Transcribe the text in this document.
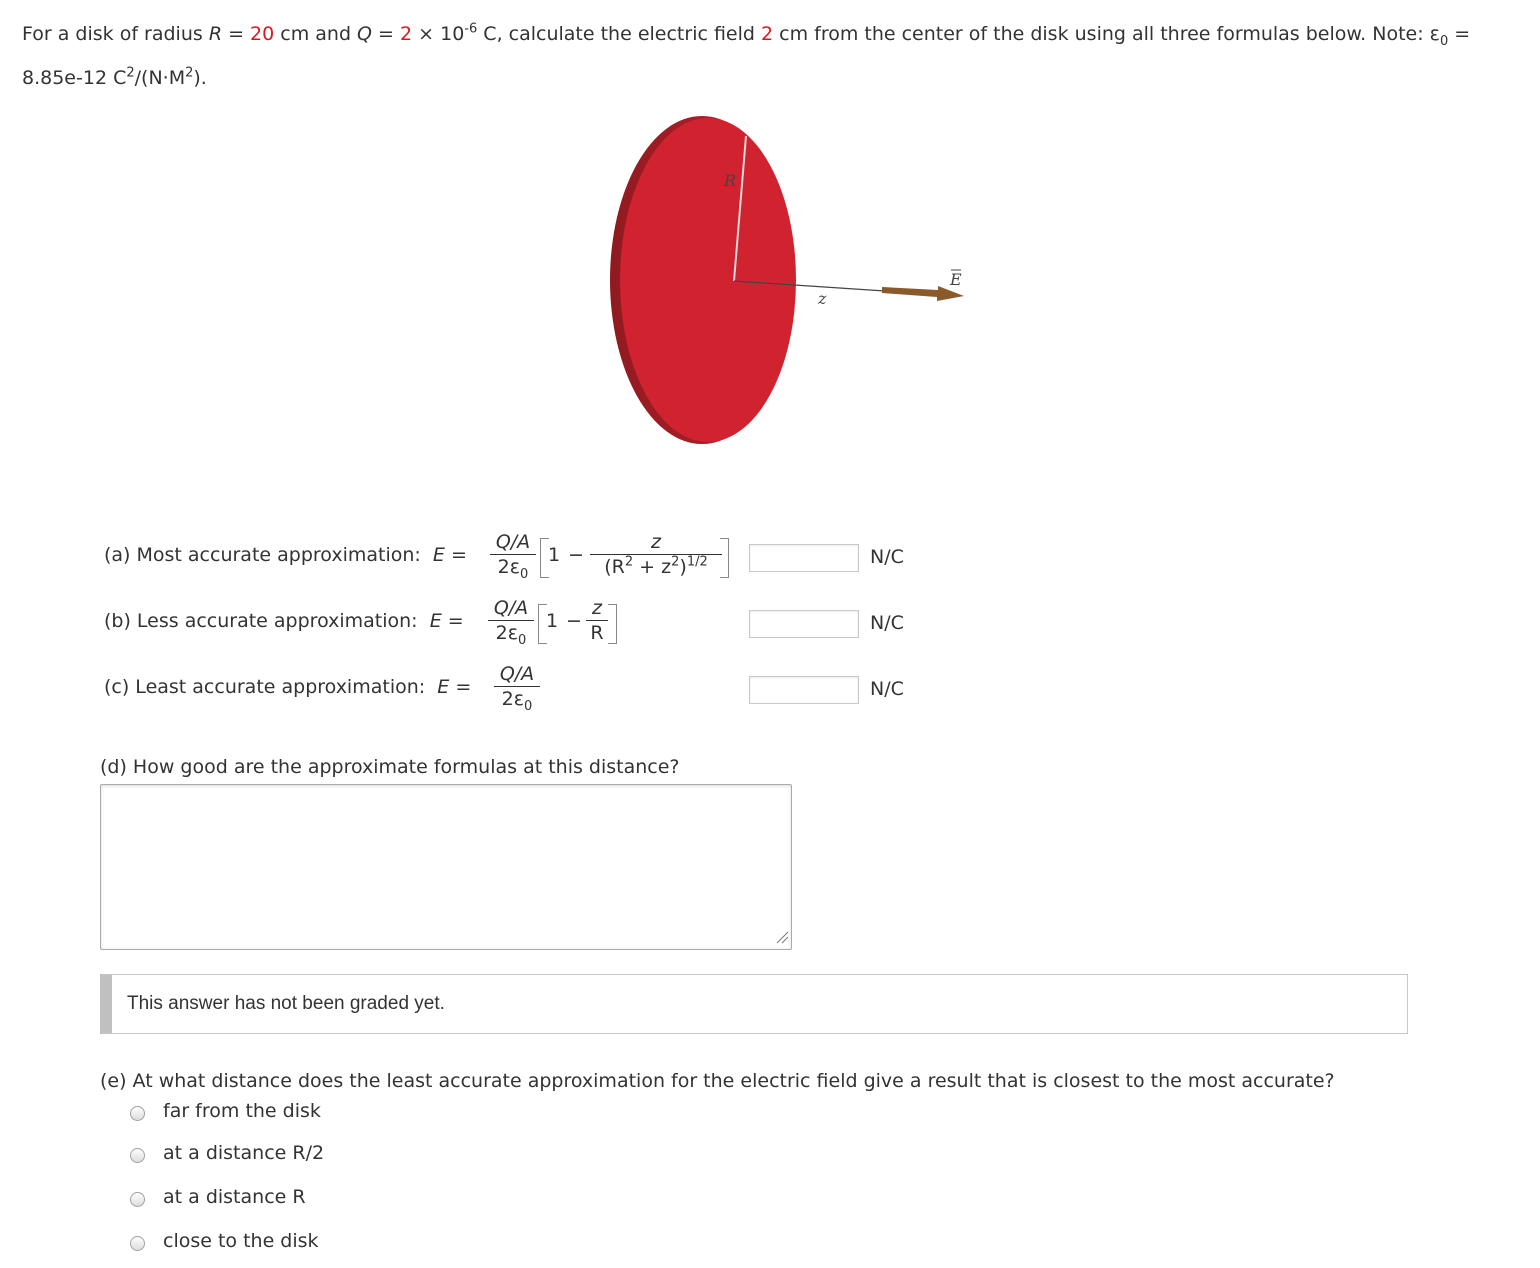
For a disk of radius R = 20 cm and $Q = 2 \times 10^{-6}$ C, calculate the electric field 2 cm from the center of the disk using all three formulas below. Note: $\varepsilon_0$ =
8.85e-12 $C^2/(N\cdot M^2)$.
R
z
E
(a) Most accurate approximation: E =
Q/A
$2\varepsilon_0$
1 −
z
$(R^2 + z^2)^{1/2}$	N/C
(b) Less accurate approximation: E =
Q/A
$2\varepsilon_0$
1 −
z
R	N/C
(c) Least accurate approximation: E =
Q/A
$2\varepsilon_0$
N/C
(d) How good are the approximate formulas at this distance?
This answer has not been graded yet.
(e) At what distance does the least accurate approximation for the electric field give a result that is closest to the most accurate?
far from the disk
at a distance R/2
at a distance R
close to the disk
